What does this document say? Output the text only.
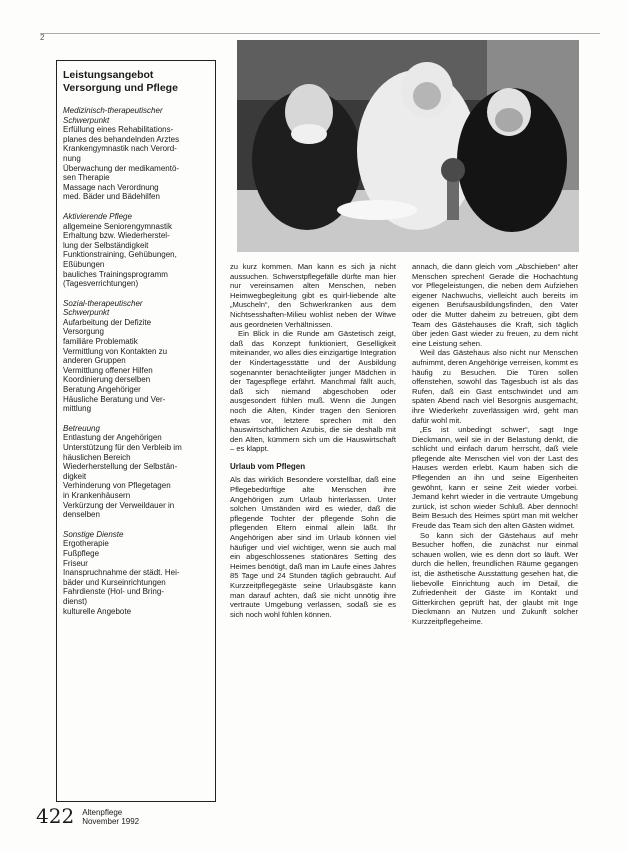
2
Leistungsangebot
Versorgung und Pflege
Medizinisch-therapeutischer
Schwerpunkt
Erfüllung eines Rehabilitations-
planes des behandelnden Arztes
Krankengymnastik nach Verord-
nung
Überwachung der medikamentö-
sen Therapie
Massage nach Verordnung
med. Bäder und Bädehilfen
Aktivierende Pflege
allgemeine Seniorengymnastik
Erhaltung bzw. Wiederherstel-
lung der Selbständigkeit
Funktionstraining, Gehübungen,
Eßübungen
bauliches Trainingsprogramm
(Tagesverrichtungen)
Sozial-therapeutischer
Schwerpunkt
Aufarbeitung der Defizite
Versorgung
familiäre Problematik
Vermittlung von Kontakten zu
anderen Gruppen
Vermittlung offener Hilfen
Koordinierung derselben
Beratung Angehöriger
Häusliche Beratung und Ver-
mittlung
Betreuung
Entlastung der Angehörigen
Unterstützung für den Verbleib im
häuslichen Bereich
Wiederherstellung der Selbstän-
digkeit
Verhinderung von Pflegetagen
in Krankenhäusern
Verkürzung der Verweildauer in
denselben
Sonstige Dienste
Ergotherapie
Fußpflege
Friseur
Inanspruchnahme der städt. Hei-
bäder und Kurseinrichtungen
Fahrdienste (Hol- und Bring-
dienst)
kulturelle Angebote

zu kurz kommen. Man kann es sich ja nicht aussuchen. Schwerstpflegefälle dürfte man hier nur vereinsamen alten Menschen, neben Heimwegbegleitung gibt es quirl-liebende alte „Muscheln“, den Schwerkranken aus dem Nichtsesshaften-Milieu wohlist neben der Witwe aus geordneten Verhältnissen.

Ein Blick in die Runde am Gästetisch zeigt, daß das Konzept funktioniert, Geselligkeit miteinander, wo alles dies einzigartige Integration der Kindertagesstätte und der Ausbildung sogenannter benachteiligter junger Mädchen in der Tagespflege erfährt. Manchmal fällt auch, daß sich niemand abgeschoben oder ausgesondert fühlen muß. Wenn die Jungen noch die Alten, Kinder tragen den Senioren etwas vor, letztere sprechen mit den hauswirtschaftlichen Azubis, die sie deshalb mit den Alten, kümmern sich um die Hauswirtschaft – es klappt.

Urlaub vom Pflegen

Als das wirklich Besondere vorstellbar, daß eine Pflegebedürftige alte Menschen ihre Angehörigen zum Urlaub hinterlassen. Unter solchen Umständen wird es wieder, daß die pflegende Tochter der pflegende Sohn die pflegenden Eltern einmal allein läßt. Ihr Angehörigen aber sind im Urlaub können viel häufiger und viel wichtiger, wenn sie auch mal ein abgeschlossenes stationäres Setting des Heimes benötigt, daß man im Laufe eines Jahres 85 Tage und 24 Stunden täglich gebraucht. Auf Kurzzeitpflegegäste seine Urlaubsgäste kann man darauf achten, daß sie nicht unnötig ihre vertraute Umgebung verlassen, sodaß sie es sich noch wohl fühlen können.

annach, die dann gleich vom „Abschieben“ alter Menschen sprechen! Gerade die Hochachtung vor Pflegeleistungen, die neben dem Aufziehen eigener Nachwuchs, vielleicht auch bereits im eigenen Berufsausbildungsfinden, den Vater oder die Mutter daheim zu betreuen, gibt dem Team des Gästehauses die Kraft, sich täglich über jeden Gast wieder zu freuen, zu dem nicht eine Leistung sehen.

Weil das Gästehaus also nicht nur Menschen aufnimmt, deren Angehörige verreisen, kommt es häufig zu Besuchen. Die Türen sollen offenstehen, sowohl das Tagesbuch ist als das Rufen, daß ein Gast entschwindet und am späten Abend nach viel Besorgnis ausgemacht, ihre Wiederkehr zuverlässigen wird, geht man dafür wohl mit.

„Es ist unbedingt schwer“, sagt Inge Dieckmann, weil sie in der Belastung denkt, die schlicht und einfach darum herrscht, daß viele pflegende alte Menschen viel von der Last des Hauses werden erlebt. Kaum haben sich die Pflegenden an ihn und seine Eigenheiten gewöhnt, kann er seine Zeit wieder vorbei. Jemand kehrt wieder in die vertraute Umgebung zurück, ist schon wieder Schluß. Aber dennoch! Beim Besuch des Heimes spürt man mit welcher Freude das Team sich den alten Gästen widmet.

So kann sich der Gästehaus auf mehr Besucher hoffen, die zunächst nur einmal schauen wollen, wie es denn dort so läuft. Wer durch die hellen, freundlichen Räume gegangen ist, die ästhetische Ausstattung gesehen hat, die liebevolle Einrichtung auch im Detail, die Zufriedenheit der Gäste im Kontakt und Gitterkirchen geprüft hat, der glaubt mit Inge Dieckmann an Nutzen und Zukunft solcher Kurzzeitpflegeheime.

422 Altenpflege
November 1992
